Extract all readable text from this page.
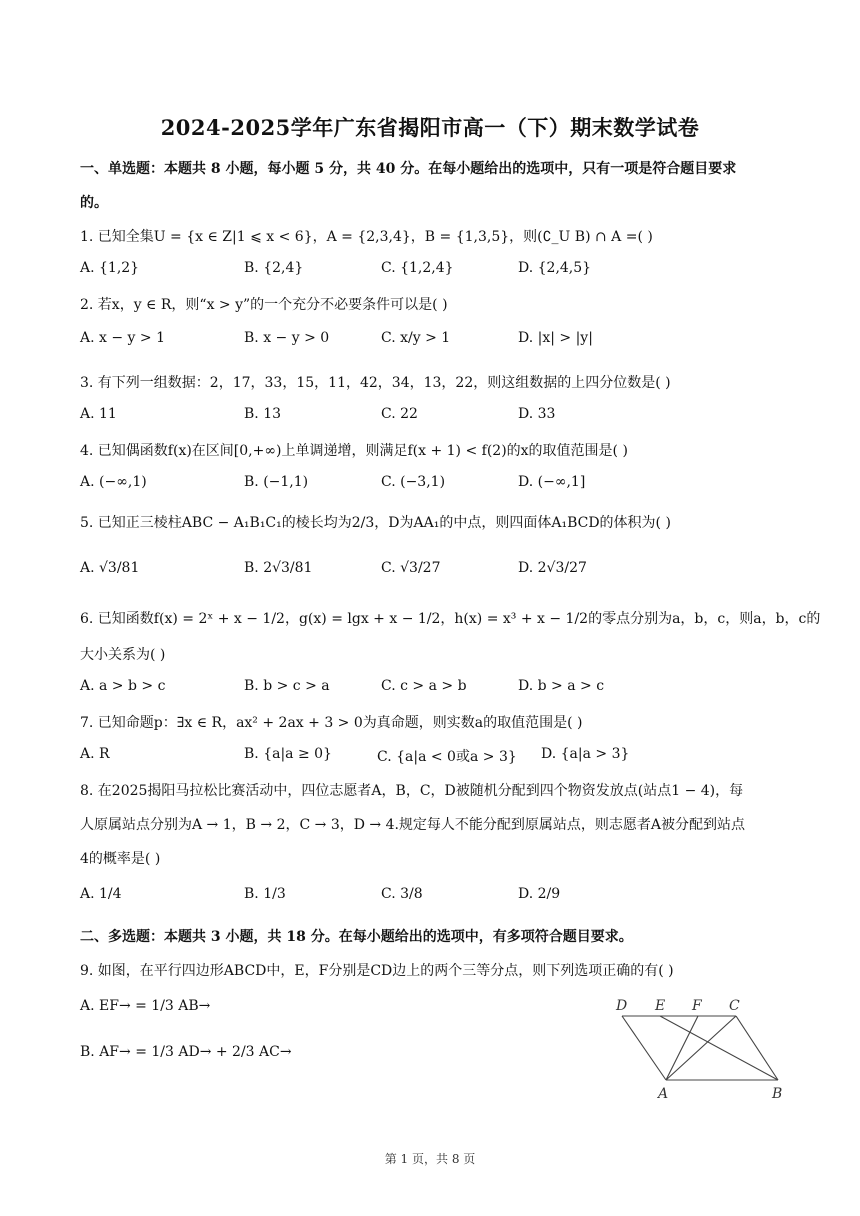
2024-2025学年广东省揭阳市高一（下）期末数学试卷
一、单选题：本题共 8 小题，每小题 5 分，共 40 分。在每小题给出的选项中，只有一项是符合题目要求
的。
1. 已知全集U = {x ∈ Z|1 ⩽ x < 6}，A = {2,3,4}，B = {1,3,5}，则(∁_U B) ∩ A =( )
A. {1,2}	B. {2,4}	C. {1,2,4}	D. {2,4,5}
2. 若x，y ∈ R，则“x > y”的一个充分不必要条件可以是( )
A. x − y > 1	B. x − y > 0	C. x/y > 1	D. |x| > |y|
3. 有下列一组数据：2，17，33，15，11，42，34，13，22，则这组数据的上四分位数是( )
A. 11	B. 13	C. 22	D. 33
4. 已知偶函数f(x)在区间[0,+∞)上单调递增，则满足f(x + 1) < f(2)的x的取值范围是( )
A. (−∞,1)	B. (−1,1)	C. (−3,1)	D. (−∞,1]
5. 已知正三棱柱ABC − A₁B₁C₁的棱长均为2/3，D为AA₁的中点，则四面体A₁BCD的体积为( )
A. √3/81	B. 2√3/81	C. √3/27	D. 2√3/27
6. 已知函数f(x) = 2ˣ + x − 1/2，g(x) = lgx + x − 1/2，h(x) = x³ + x − 1/2的零点分别为a，b，c，则a，b，c的
大小关系为( )
A. a > b > c	B. b > c > a	C. c > a > b	D. b > a > c
7. 已知命题p：∃x ∈ R，ax² + 2ax + 3 > 0为真命题，则实数a的取值范围是( )
A. R	B. {a|a ≥ 0}	C. {a|a < 0或a > 3} D. {a|a > 3}
8. 在2025揭阳马拉松比赛活动中，四位志愿者A，B，C，D被随机分配到四个物资发放点(站点1 − 4)，每
人原属站点分别为A → 1，B → 2，C → 3，D → 4.规定每人不能分配到原属站点，则志愿者A被分配到站点
4的概率是( )
A. 1/4	B. 1/3	C. 3/8	D. 2/9
二、多选题：本题共 3 小题，共 18 分。在每小题给出的选项中，有多项符合题目要求。
9. 如图，在平行四边形ABCD中，E，F分别是CD边上的两个三等分点，则下列选项正确的有( )
A. EF→ = 1/3 AB→
B. AF→ = 1/3 AD→ + 2/3 AC→
D E F C
A	B
第 1 页，共 8 页
